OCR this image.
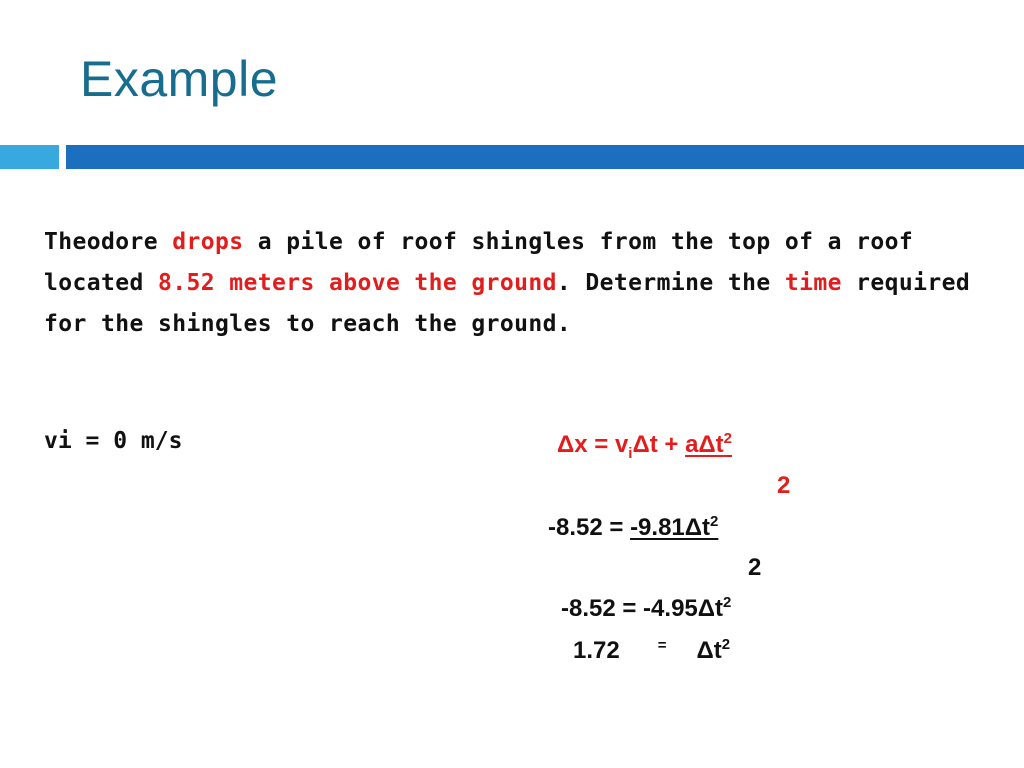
Example
Theodore drops a pile of roof shingles from the top of a roof located 8.52 meters above the ground. Determine the time required for the shingles to reach the ground.
vi = 0 m/s	$\Delta x = v_i\Delta t + a\Delta t^2$
2
$-8.52 = -9.81\Delta t^2$
2
$-8.52 = -4.95\Delta t^2$
1.72	= $\Delta t^2$
